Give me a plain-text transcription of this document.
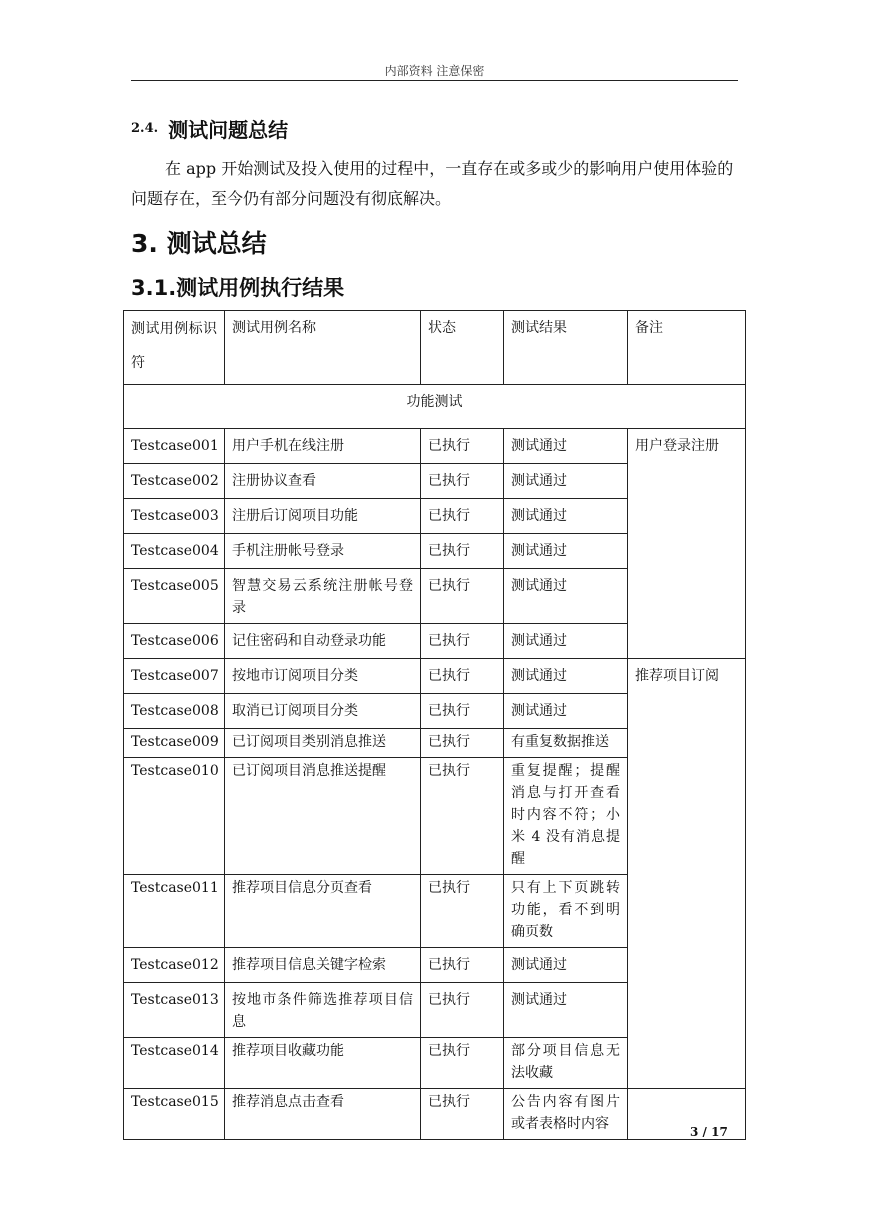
内部资料 注意保密
2.4. 测试问题总结

在 app 开始测试及投入使用的过程中，一直存在或多或少的影响用户使用体验的问题存在，至今仍有部分问题没有彻底解决。

3. 测试总结
3.1.测试用例执行结果
测试用例标识符	测试用例名称	状态	测试结果	备注
功能测试				
Testcase001	用户手机在线注册	已执行	测试通过	用户登录注册
Testcase002	注册协议查看	已执行	测试通过	
Testcase003	注册后订阅项目功能	已执行	测试通过	
Testcase004	手机注册帐号登录	已执行	测试通过	
Testcase005	智慧交易云系统注册帐号登录	已执行	测试通过	
Testcase006	记住密码和自动登录功能	已执行	测试通过	
Testcase007	按地市订阅项目分类	已执行	测试通过	推荐项目订阅
Testcase008	取消已订阅项目分类	已执行	测试通过	
Testcase009	已订阅项目类别消息推送	已执行	有重复数据推送	
Testcase010	已订阅项目消息推送提醒	已执行	重复提醒；提醒消息与打开查看时内容不符；小米 4 没有消息提醒	
Testcase011	推荐项目信息分页查看	已执行	只有上下页跳转功能，看不到明确页数	
Testcase012	推荐项目信息关键字检索	已执行	测试通过	
Testcase013	按地市条件筛选推荐项目信息	已执行	测试通过	
Testcase014	推荐项目收藏功能	已执行	部分项目信息无法收藏	
Testcase015	推荐消息点击查看	已执行	公告内容有图片或者表格时内容		3 / 17
